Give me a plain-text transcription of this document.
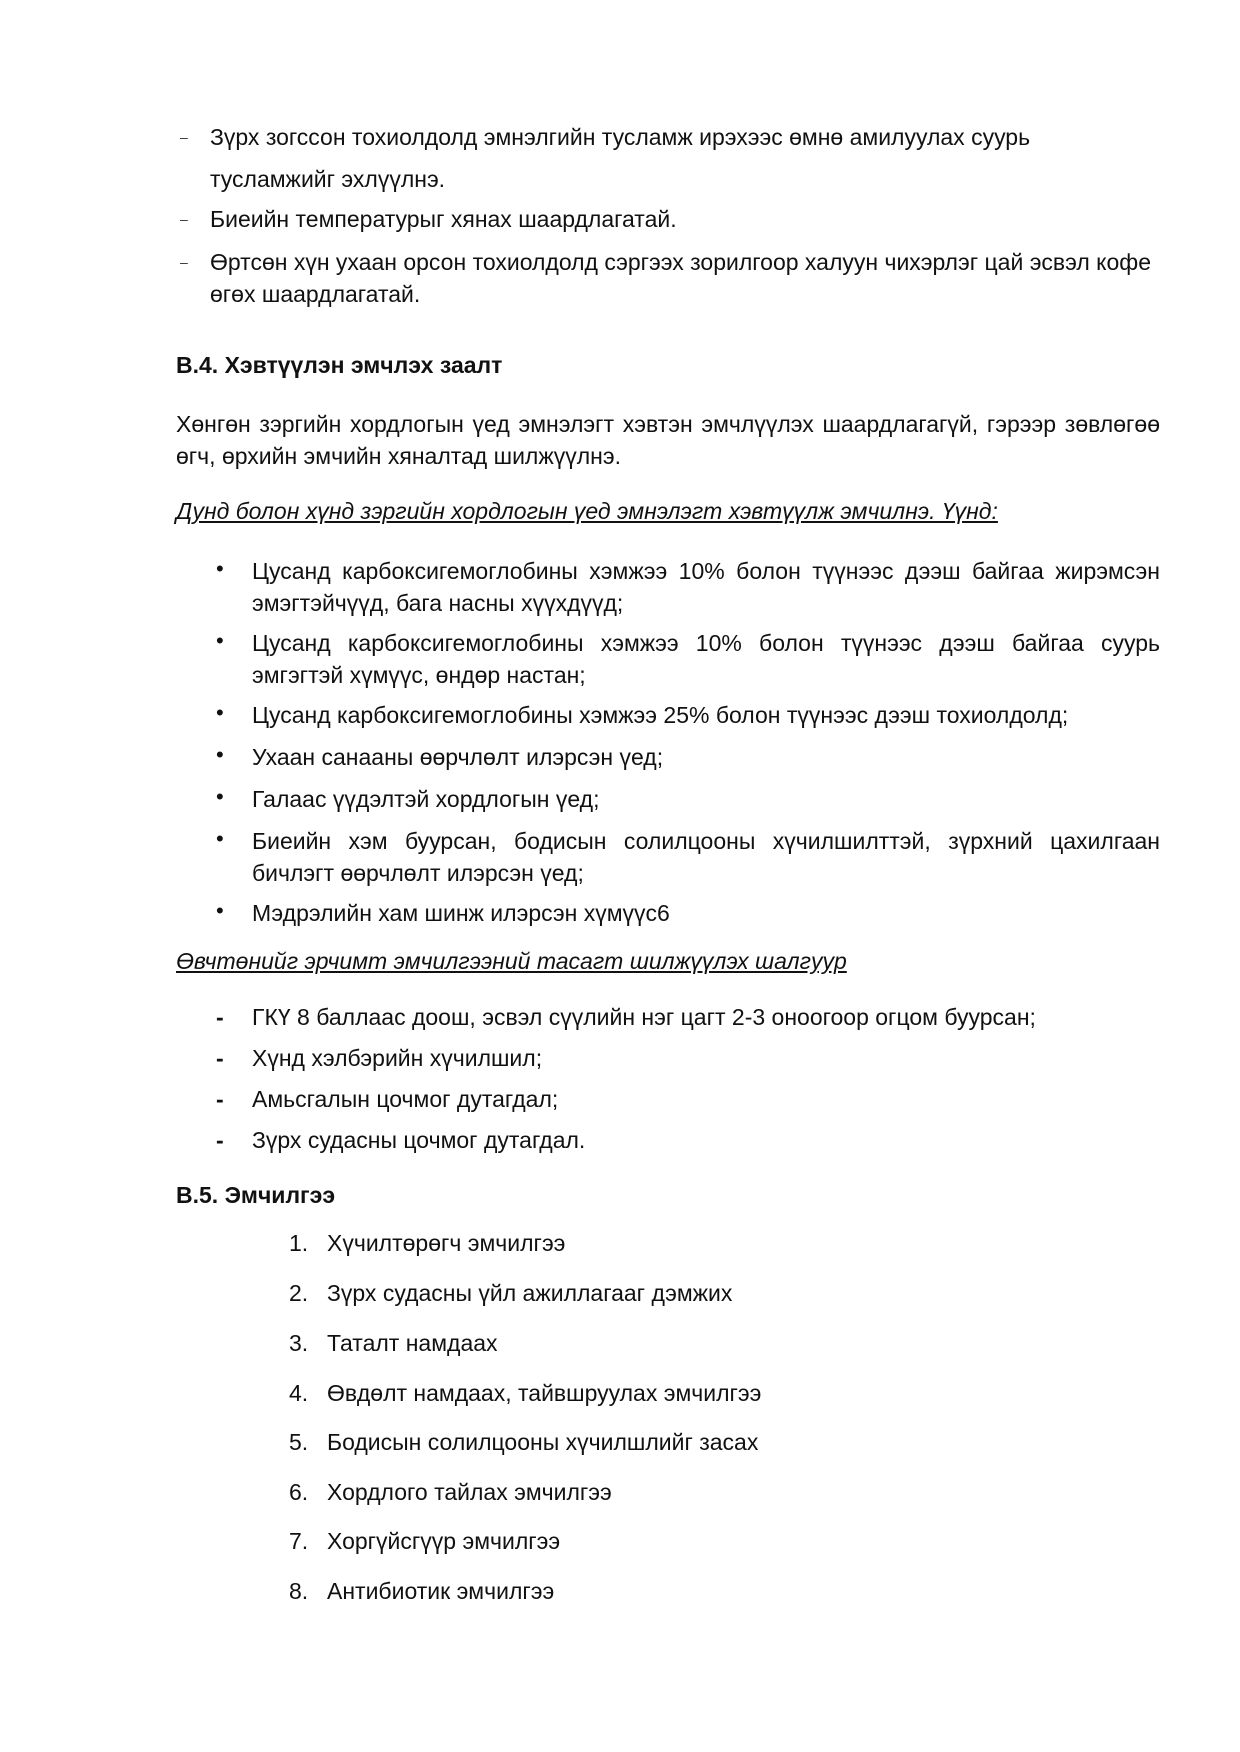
– Зүрх зогссон тохиолдолд эмнэлгийн тусламж ирэхээс өмнө амилуулах суурь тусламжийг эхлүүлнэ.
– Биеийн температурыг хянах шаардлагатай.
– Өртсөн хүн ухаан орсон тохиолдолд сэргээх зорилгоор халуун чихэрлэг цай эсвэл кофе өгөх шаардлагатай.
B.4. Хэвтүүлэн эмчлэх заалт
Хөнгөн зэргийн хордлогын үед эмнэлэгт хэвтэн эмчлүүлэх шаардлагагүй, гэрээр зөвлөгөө өгч, өрхийн эмчийн хяналтад шилжүүлнэ.
Дунд болон хүнд зэргийн хордлогын үед эмнэлэгт хэвтүүлж эмчилнэ. Үүнд:
• Цусанд карбоксигемоглобины хэмжээ 10% болон түүнээс дээш байгаа жирэмсэн эмэгтэйчүүд, бага насны хүүхдүүд;
• Цусанд карбоксигемоглобины хэмжээ 10% болон түүнээс дээш байгаа суурь эмгэгтэй хүмүүс, өндөр настан;
• Цусанд карбоксигемоглобины хэмжээ 25% болон түүнээс дээш тохиолдолд;
• Ухаан санааны өөрчлөлт илэрсэн үед;
• Галаас үүдэлтэй хордлогын үед;
• Биеийн хэм буурсан, бодисын солилцооны хүчилшилттэй, зүрхний цахилгаан бичлэгт өөрчлөлт илэрсэн үед;
• Мэдрэлийн хам шинж илэрсэн хүмүүс6
Өвчтөнийг эрчимт эмчилгээний тасагт шилжүүлэх шалгуур
- ГКҮ 8 баллаас доош, эсвэл сүүлийн нэг цагт 2-3 оноогоор огцом буурсан;
- Хүнд хэлбэрийн хүчилшил;
- Амьсгалын цочмог дутагдал;
- Зүрх судасны цочмог дутагдал.
B.5. Эмчилгээ
1. Хүчилтөрөгч эмчилгээ
2. Зүрх судасны үйл ажиллагааг дэмжих
3. Таталт намдаах
4. Өвдөлт намдаах, тайвшруулах эмчилгээ
5. Бодисын солилцооны хүчилшлийг засах
6. Хордлого тайлах эмчилгээ
7. Хоргүйсгүүр эмчилгээ
8. Антибиотик эмчилгээ
